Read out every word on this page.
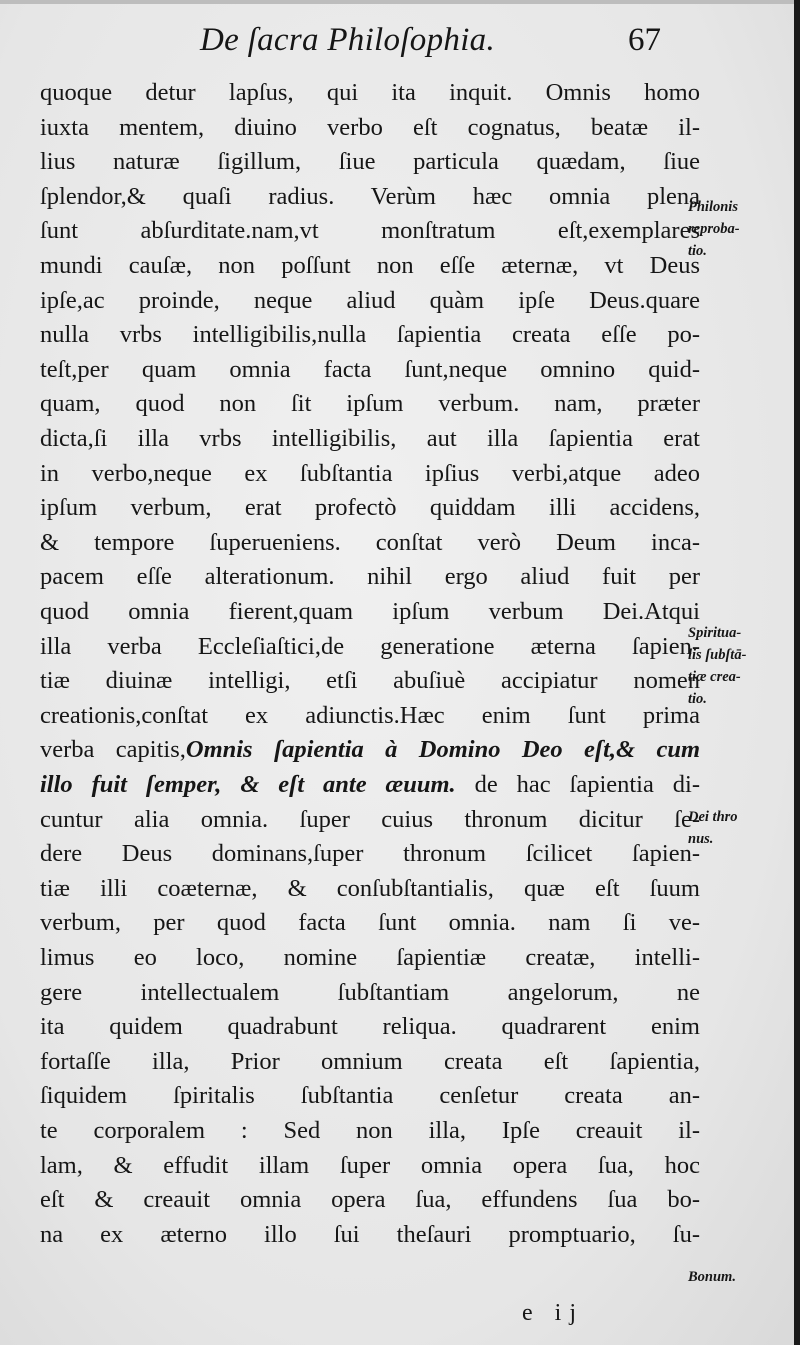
De ſacra Philoſophia.	67
quoque detur lapſus, qui ita inquit. Omnis homo
iuxta mentem, diuino verbo eſt cognatus, beatæ il-
lius naturæ ſigillum, ſiue particula quædam, ſiue
ſplendor,& quaſi radius. Verùm hæc omnia plena
ſunt abſurditate.nam,vt monſtratum eſt,exemplares
mundi cauſæ, non poſſunt non eſſe æternæ, vt Deus
ipſe,ac proinde, neque aliud quàm ipſe Deus.quare
nulla vrbs intelligibilis,nulla ſapientia creata eſſe po-
teſt,per quam omnia facta ſunt,neque omnino quid-
quam, quod non ſit ipſum verbum. nam, præter
dicta,ſi illa vrbs intelligibilis, aut illa ſapientia erat
in verbo,neque ex ſubſtantia ipſius verbi,atque adeo
ipſum verbum, erat profectò quiddam illi accidens,
& tempore ſuperueniens. conſtat verò Deum inca-
pacem eſſe alterationum. nihil ergo aliud fuit per
quod omnia fierent,quam ipſum verbum Dei.Atqui
illa verba Eccleſiaſtici,de generatione æterna ſapien-
tiæ diuinæ intelligi, etſi abuſiuè accipiatur nomen
creationis,conſtat ex adiunctis.Hæc enim ſunt prima
verba capitis,Omnis ſapientia à Domino Deo eſt,& cum
illo fuit ſemper, & eſt ante æuum. de hac ſapientia di-
cuntur alia omnia. ſuper cuius thronum dicitur ſe-
dere Deus dominans,ſuper thronum ſcilicet ſapien-
tiæ illi coæternæ, & conſubſtantialis, quæ eſt ſuum
verbum, per quod facta ſunt omnia. nam ſi ve-
limus eo loco, nomine ſapientiæ creatæ, intelli-
gere intellectualem ſubſtantiam angelorum, ne
ita quidem quadrabunt reliqua. quadrarent enim
fortaſſe illa, Prior omnium creata eſt ſapientia,
ſiquidem ſpiritalis ſubſtantia cenſetur creata an-
te corporalem : Sed non illa, Ipſe creauit il-
lam, & effudit illam ſuper omnia opera ſua, hoc
eſt & creauit omnia opera ſua, effundens ſua bo-
na ex æterno illo ſui theſauri promptuario, ſu-
Philonis
reproba-
tio.
Spiritua-
lis ſubſtā-
tiæ crea-
tio.
Dei thro
nus.
Bonum.
e ij
